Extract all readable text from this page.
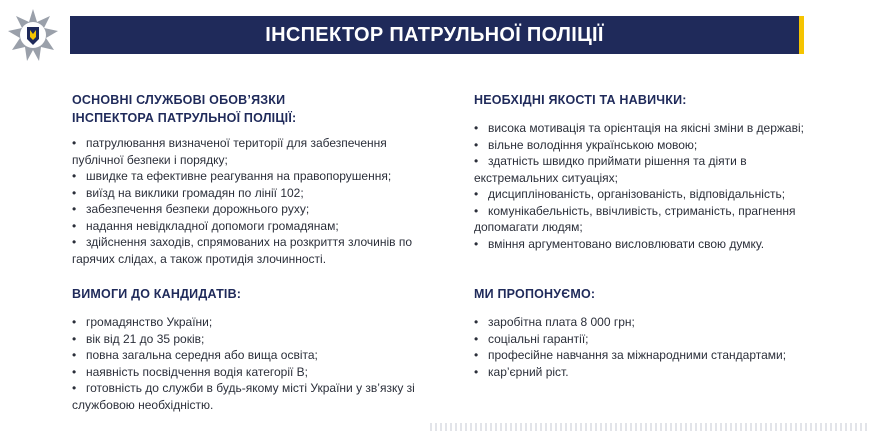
ІНСПЕКТОР ПАТРУЛЬНОЇ ПОЛІЦІЇ
ОСНОВНІ СЛУЖБОВІ ОБОВ’ЯЗКИ
ІНСПЕКТОРА ПАТРУЛЬНОЇ ПОЛІЦІЇ:
• патрулювання визначеної території для забезпечення публічної безпеки і порядку;
• швидке та ефективне реагування на правопорушення;
• виїзд на виклики громадян по лінії 102;
• забезпечення безпеки дорожнього руху;
• надання невідкладної допомоги громадянам;
• здійснення заходів, спрямованих на розкриття злочинів по гарячих слідах, а також протидія злочинності.
НЕОБХІДНІ ЯКОСТІ ТА НАВИЧКИ:
• висока мотивація та орієнтація на якісні зміни в державі;
• вільне володіння українською мовою;
• здатність швидко приймати рішення та діяти в екстремальних ситуаціях;
• дисциплінованість, організованість, відповідальність;
• комунікабельність, ввічливість, стриманість, прагнення допомагати людям;
• вміння аргументовано висловлювати свою думку.
ВИМОГИ ДО КАНДИДАТІВ:
• громадянство України;
• вік від 21 до 35 років;
• повна загальна середня або вища освіта;
• наявність посвідчення водія категорії В;
• готовність до служби в будь-якому місті України у зв’язку зі службовою необхідністю.
МИ ПРОПОНУЄМО:
• заробітна плата 8 000 грн;
• соціальні гарантії;
• професійне навчання за міжнародними стандартами;
• кар’єрний ріст.
